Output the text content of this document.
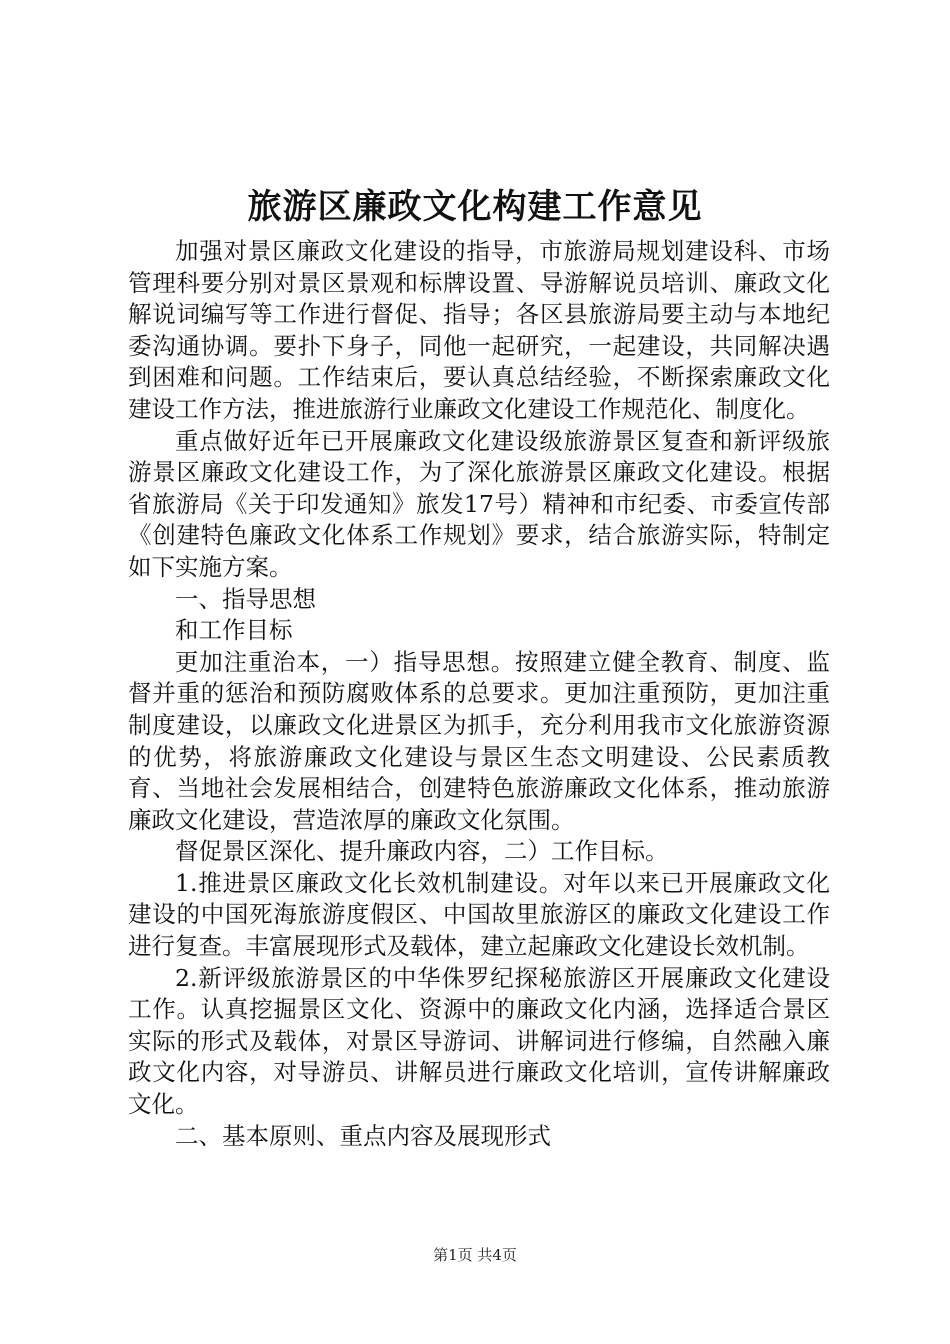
旅游区廉政文化构建工作意见

加强对景区廉政文化建设的指导，市旅游局规划建设科、市场管理科要分别对景区景观和标牌设置、导游解说员培训、廉政文化解说词编写等工作进行督促、指导；各区县旅游局要主动与本地纪委沟通协调。要扑下身子，同他一起研究，一起建设，共同解决遇到困难和问题。工作结束后，要认真总结经验，不断探索廉政文化建设工作方法，推进旅游行业廉政文化建设工作规范化、制度化。

重点做好近年已开展廉政文化建设级旅游景区复查和新评级旅游景区廉政文化建设工作，为了深化旅游景区廉政文化建设。根据省旅游局《关于印发通知》旅发17号）精神和市纪委、市委宣传部《创建特色廉政文化体系工作规划》要求，结合旅游实际，特制定如下实施方案。

一、指导思想

和工作目标

更加注重治本，一）指导思想。按照建立健全教育、制度、监督并重的惩治和预防腐败体系的总要求。更加注重预防，更加注重制度建设，以廉政文化进景区为抓手，充分利用我市文化旅游资源的优势，将旅游廉政文化建设与景区生态文明建设、公民素质教育、当地社会发展相结合，创建特色旅游廉政文化体系，推动旅游廉政文化建设，营造浓厚的廉政文化氛围。

督促景区深化、提升廉政内容，二）工作目标。

1.推进景区廉政文化长效机制建设。对年以来已开展廉政文化建设的中国死海旅游度假区、中国故里旅游区的廉政文化建设工作进行复查。丰富展现形式及载体，建立起廉政文化建设长效机制。

2.新评级旅游景区的中华侏罗纪探秘旅游区开展廉政文化建设工作。认真挖掘景区文化、资源中的廉政文化内涵，选择适合景区实际的形式及载体，对景区导游词、讲解词进行修编，自然融入廉政文化内容，对导游员、讲解员进行廉政文化培训，宣传讲解廉政文化。

二、基本原则、重点内容及展现形式

第1页 共4页
